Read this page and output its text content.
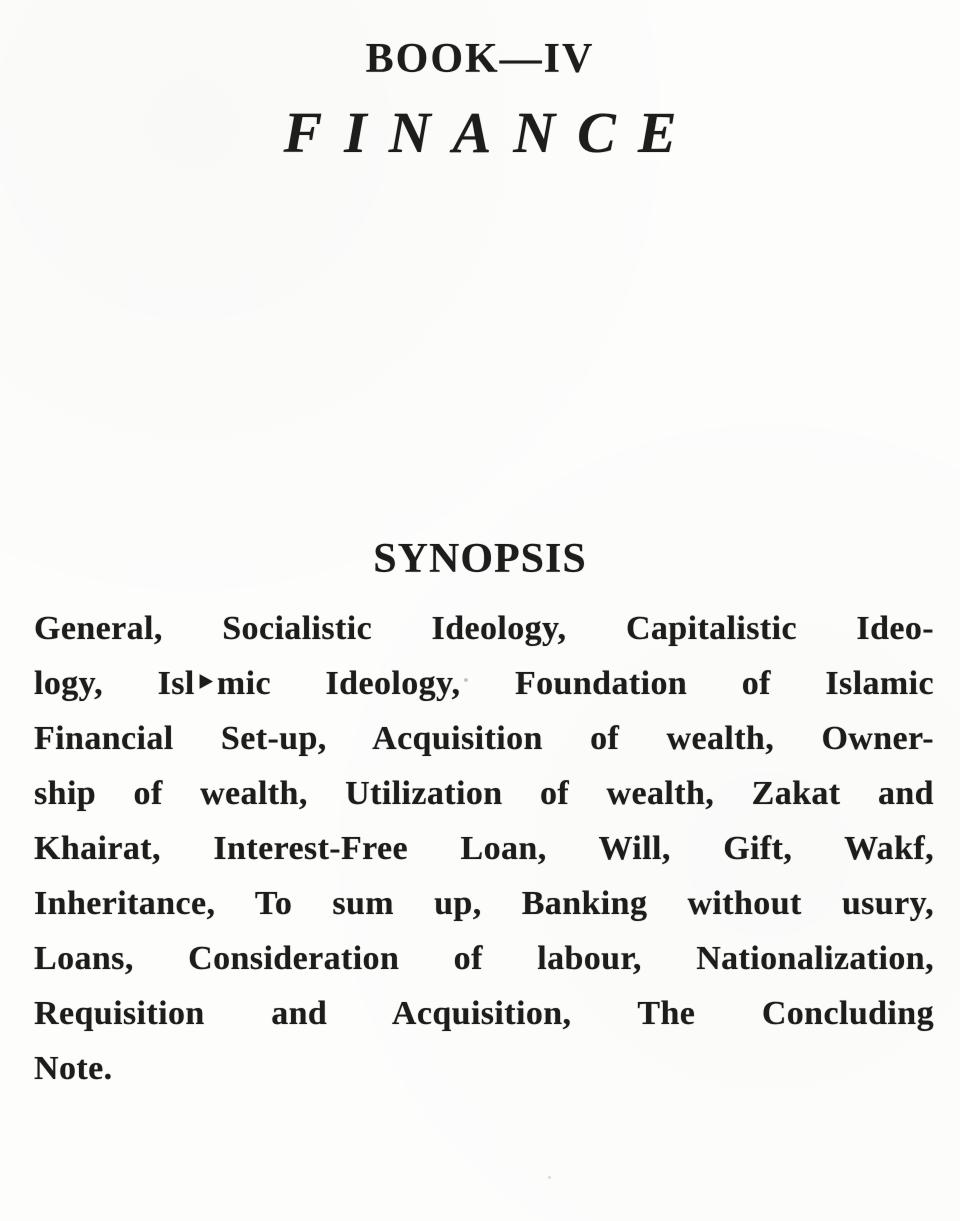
BOOK—IV
FINANCE
SYNOPSIS
General, Socialistic Ideology, Capitalistic Ideo-
logy, Isl‣mic Ideology, Foundation of Islamic
Financial Set-up, Acquisition of wealth, Owner-
ship of wealth, Utilization of wealth, Zakat and
Khairat, Interest-Free Loan, Will, Gift, Wakf,
Inheritance, To sum up, Banking without usury,
Loans, Consideration of labour, Nationalization,
Requisition and Acquisition, The Concluding
Note.
